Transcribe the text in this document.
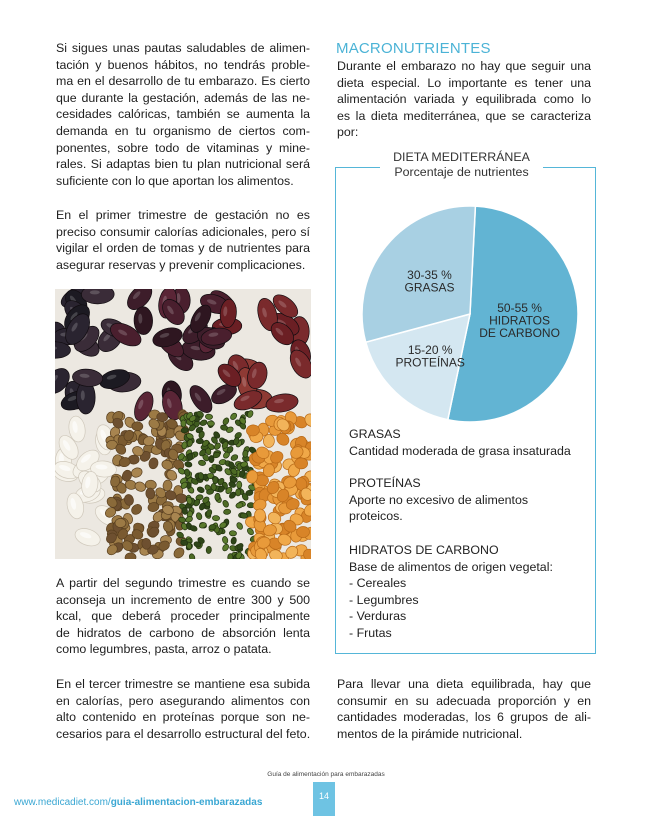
Si sigues unas pautas saludables de alimen-
tación y buenos hábitos, no tendrás proble-
ma en el desarrollo de tu embarazo. Es cierto
que durante la gestación, además de las ne-
cesidades calóricas, también se aumenta la
demanda en tu organismo de ciertos com-
ponentes, sobre todo de vitaminas y mine-
rales. Si adaptas bien tu plan nutricional será
suficiente con lo que aportan los alimentos.
En el primer trimestre de gestación no es
preciso consumir calorías adicionales, pero sí
vigilar el orden de tomas y de nutrientes para
asegurar reservas y prevenir complicaciones.
A partir del segundo trimestre es cuando se
aconseja un incremento de entre 300 y 500
kcal, que deberá proceder principalmente
de hidratos de carbono de absorción lenta
como legumbres, pasta, arroz o patata.
En el tercer trimestre se mantiene esa subida
en calorías, pero asegurando alimentos con
alto contenido en proteínas porque son ne-
cesarios para el desarrollo estructural del feto.
MACRONUTRIENTES
Durante el embarazo no hay que seguir una
dieta especial. Lo importante es tener una
alimentación variada y equilibrada como lo
es la dieta mediterránea, que se caracteriza
por:
DIETA MEDITERRÁNEA
Porcentaje de nutrientes
50-55 %
HIDRATOS
DE CARBONO
15-20 %
PROTEÍNAS
30-35 %
GRASAS
GRASAS
Cantidad moderada de grasa insaturada
PROTEÍNAS
Aporte no excesivo de alimentos
proteicos.
HIDRATOS DE CARBONO
Base de alimentos de origen vegetal:
- Cereales
- Legumbres
- Verduras
- Frutas
Para llevar una dieta equilibrada, hay que
consumir en su adecuada proporción y en
cantidades moderadas, los 6 grupos de ali-
mentos de la pirámide nutricional.
Guía de alimentación para embarazadas
www.medicadiet.com/guia-alimentacion-embarazadas
14
